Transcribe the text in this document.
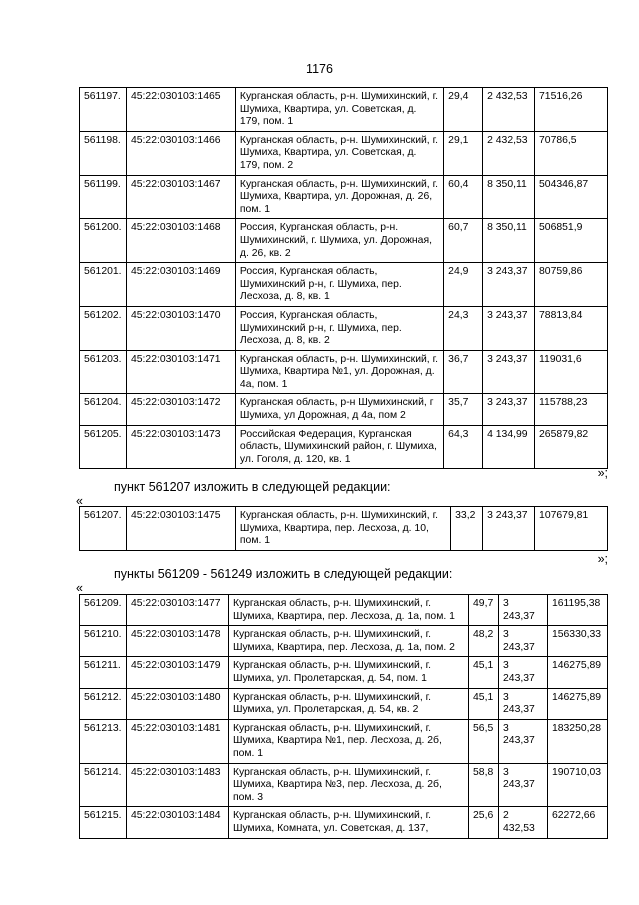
1176
561197.	45:22:030103:1465	Курганская область, р-н. Шумихинский, г. Шумиха, Квартира, ул. Советская, д. 179, пом. 1	29,4	2 432,53	71516,26
561198.	45:22:030103:1466	Курганская область, р-н. Шумихинский, г. Шумиха, Квартира, ул. Советская, д. 179, пом. 2	29,1	2 432,53	70786,5
561199.	45:22:030103:1467	Курганская область, р-н. Шумихинский, г. Шумиха, Квартира, ул. Дорожная, д. 26, пом. 1	60,4	8 350,11	504346,87
561200.	45:22:030103:1468	Россия, Курганская область, р-н. Шумихинский, г. Шумиха, ул. Дорожная, д. 26, кв. 2	60,7	8 350,11	506851,9
561201.	45:22:030103:1469	Россия, Курганская область, Шумихинский р-н, г. Шумиха, пер. Лесхоза, д. 8, кв. 1	24,9	3 243,37	80759,86
561202.	45:22:030103:1470	Россия, Курганская область, Шумихинский р-н, г. Шумиха, пер. Лесхоза, д. 8, кв. 2	24,3	3 243,37	78813,84
561203.	45:22:030103:1471	Курганская область, р-н. Шумихинский, г. Шумиха, Квартира №1, ул. Дорожная, д. 4а, пом. 1	36,7	3 243,37	119031,6
561204.	45:22:030103:1472	Курганская область, р-н Шумихинский, г Шумиха, ул Дорожная, д 4а, пом 2	35,7	3 243,37	115788,23
561205.	45:22:030103:1473	Российская Федерация, Курганская область, Шумихинский район, г. Шумиха, ул. Гоголя, д. 120, кв. 1	64,3	4 134,99	265879,82
»;
пункт 561207 изложить в следующей редакции:
«
561207.	45:22:030103:1475	Курганская область, р-н. Шумихинский, г. Шумиха, Квартира, пер. Лесхоза, д. 10, пом. 1	33,2	3 243,37	107679,81
»;
пункты 561209 - 561249 изложить в следующей редакции:
«
561209.	45:22:030103:1477	Курганская область, р-н. Шумихинский, г. Шумиха, Квартира, пер. Лесхоза, д. 1а, пом. 1	49,7	3 243,37	161195,38
561210.	45:22:030103:1478	Курганская область, р-н. Шумихинский, г. Шумиха, Квартира, пер. Лесхоза, д. 1а, пом. 2	48,2	3 243,37	156330,33
561211.	45:22:030103:1479	Курганская область, р-н. Шумихинский, г. Шумиха, ул. Пролетарская, д. 54, пом. 1	45,1	3 243,37	146275,89
561212.	45:22:030103:1480	Курганская область, р-н. Шумихинский, г. Шумиха, ул. Пролетарская, д. 54, кв. 2	45,1	3 243,37	146275,89
561213.	45:22:030103:1481	Курганская область, р-н. Шумихинский, г. Шумиха, Квартира №1, пер. Лесхоза, д. 2б, пом. 1	56,5	3 243,37	183250,28
561214.	45:22:030103:1483	Курганская область, р-н. Шумихинский, г. Шумиха, Квартира №3, пер. Лесхоза, д. 2б, пом. 3	58,8	3 243,37	190710,03
561215.	45:22:030103:1484	Курганская область, р-н. Шумихинский, г. Шумиха, Комната, ул. Советская, д. 137,	25,6	2 432,53	62272,66
